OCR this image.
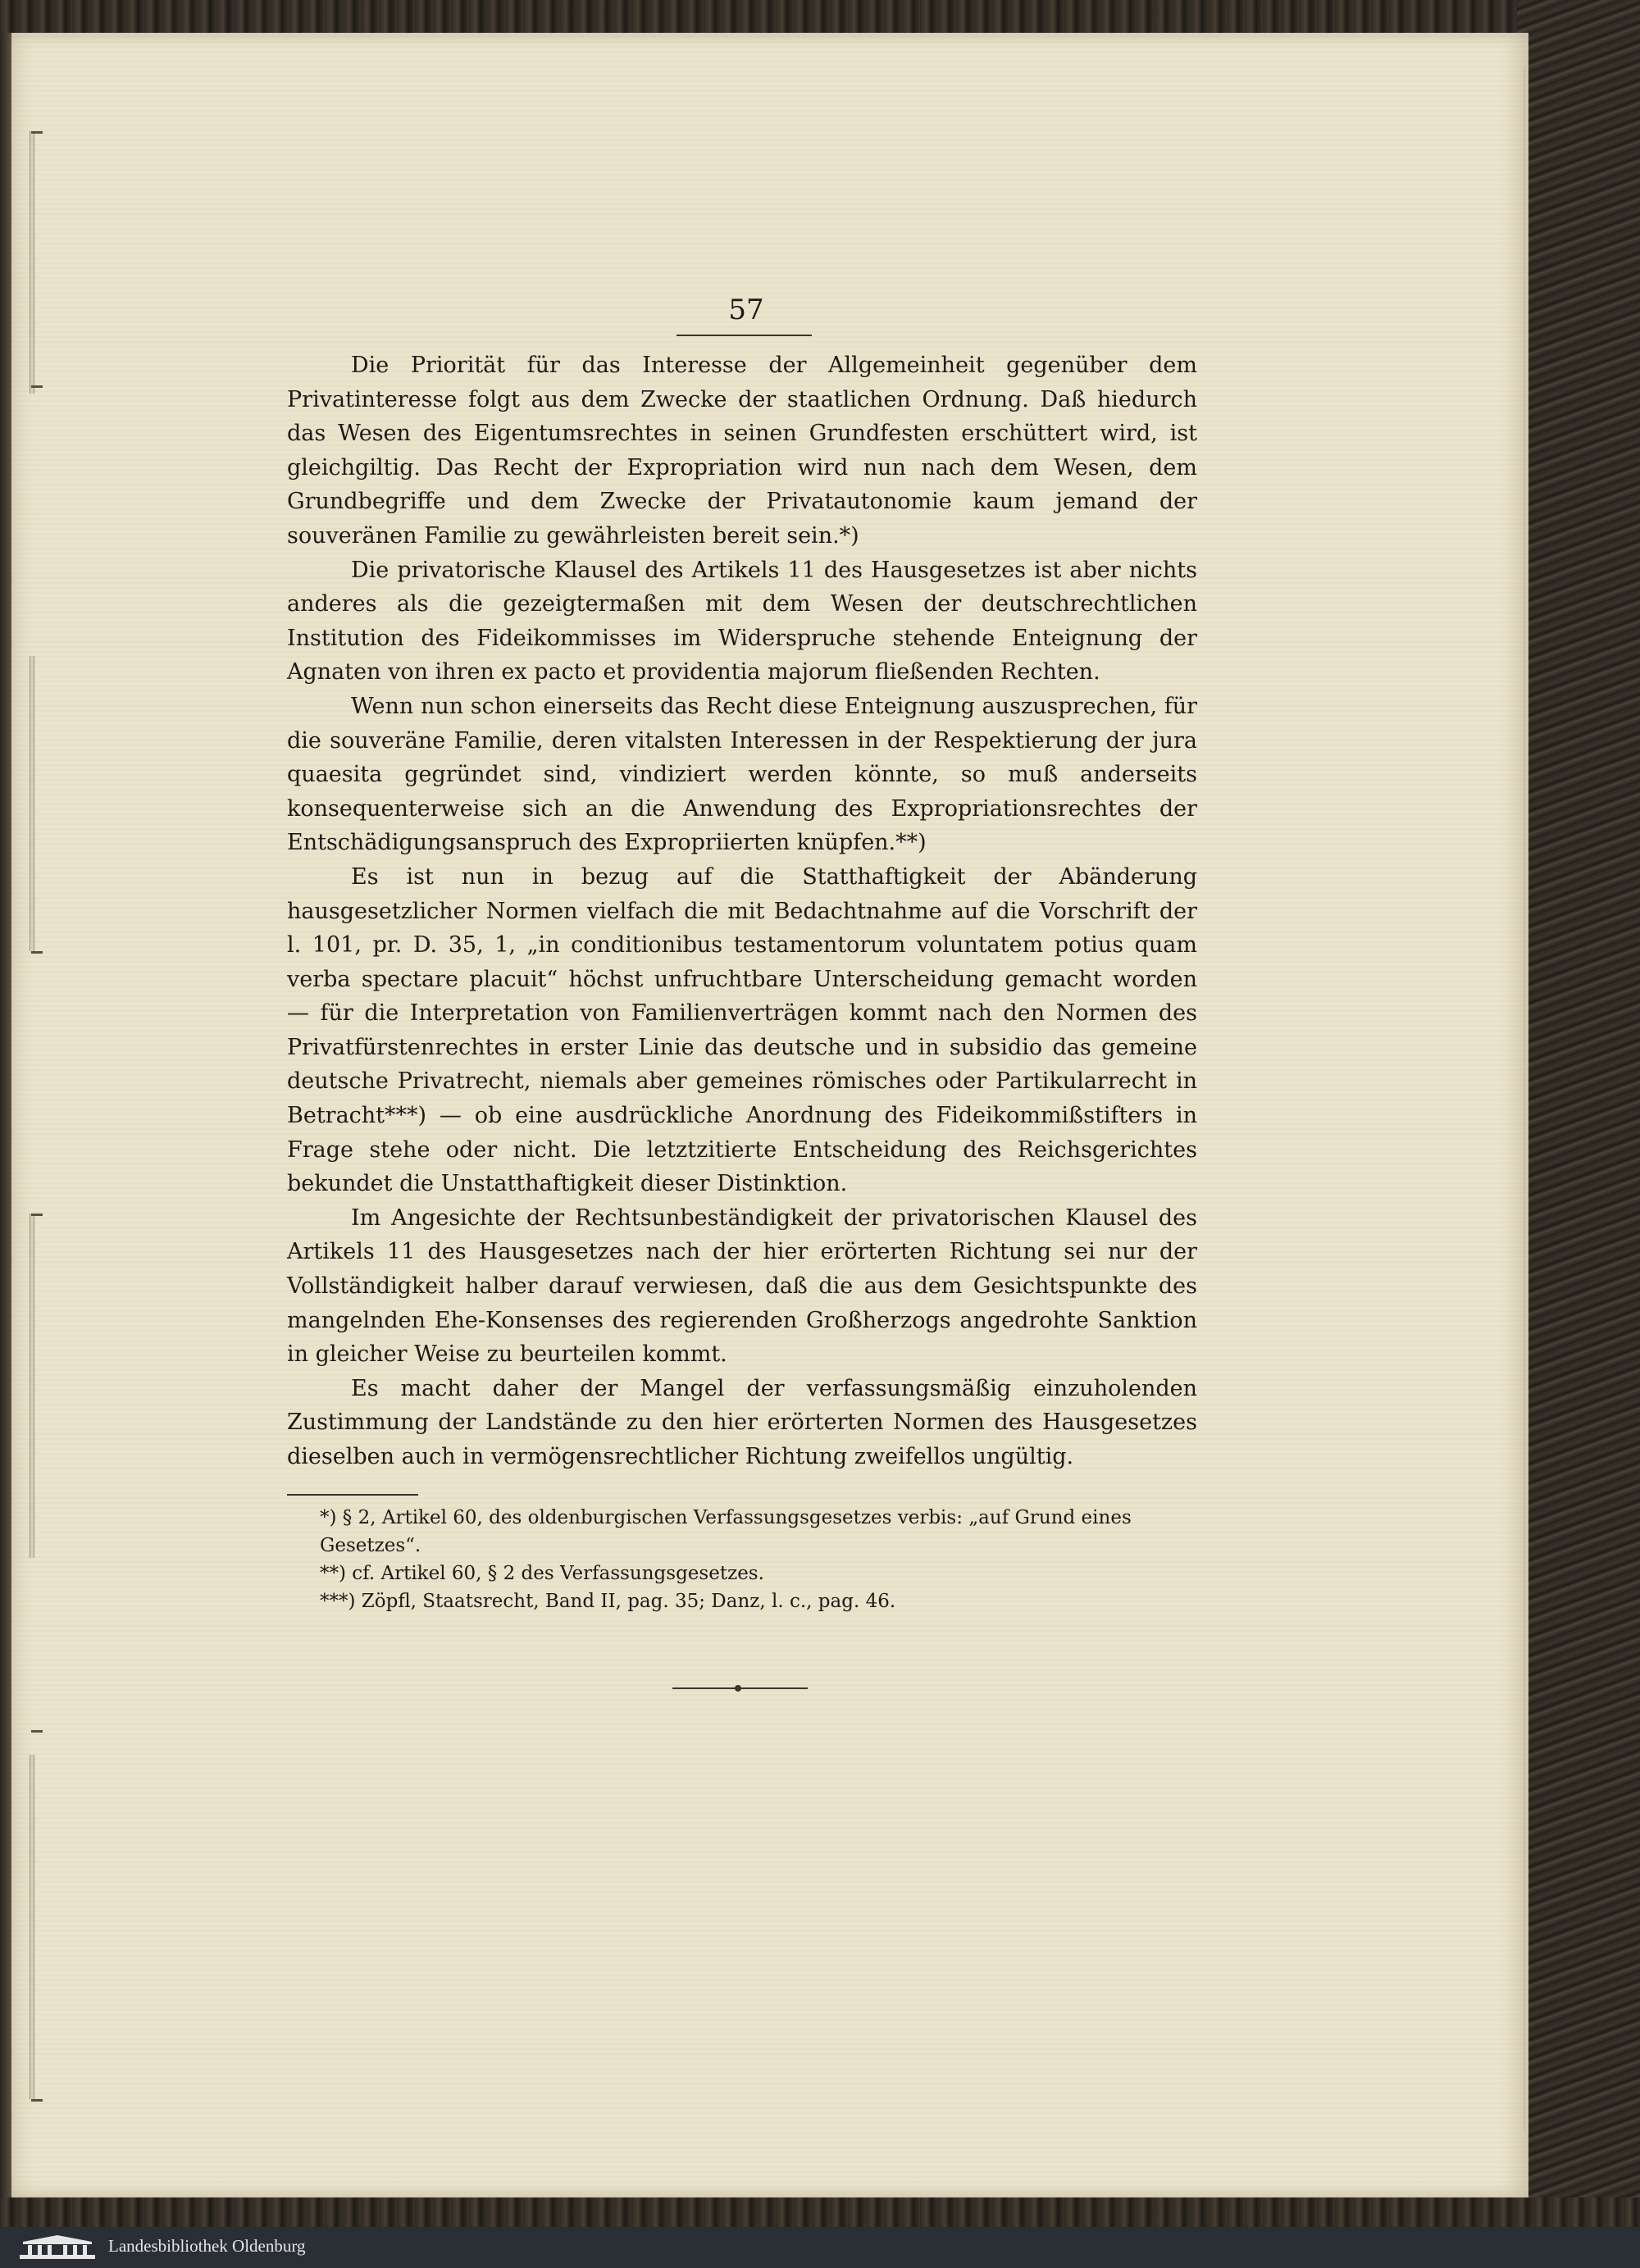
57

Die Priorität für das Interesse der Allgemeinheit gegenüber dem Privatinteresse folgt aus dem Zwecke der staatlichen Ordnung. Daß hiedurch das Wesen des Eigentumsrechtes in seinen Grundfesten erschüttert wird, ist gleichgiltig. Das Recht der Expropriation wird nun nach dem Wesen, dem Grundbegriffe und dem Zwecke der Privatautonomie kaum jemand der souveränen Familie zu gewährleisten bereit sein.*)

Die privatorische Klausel des Artikels 11 des Hausgesetzes ist aber nichts anderes als die gezeigtermaßen mit dem Wesen der deutschrechtlichen Institution des Fideikommisses im Widerspruche stehende Enteignung der Agnaten von ihren ex pacto et providentia majorum fließenden Rechten.

Wenn nun schon einerseits das Recht diese Enteignung auszusprechen, für die souveräne Familie, deren vitalsten Interessen in der Respektierung der jura quaesita gegründet sind, vindiziert werden könnte, so muß anderseits konsequenterweise sich an die Anwendung des Expropriationsrechtes der Entschädigungsanspruch des Expropriierten knüpfen.**)

Es ist nun in bezug auf die Statthaftigkeit der Abänderung hausgesetzlicher Normen vielfach die mit Bedachtnahme auf die Vorschrift der l. 101, pr. D. 35, 1, „in conditionibus testamentorum voluntatem potius quam verba spectare placuit“ höchst unfruchtbare Unterscheidung gemacht worden — für die Interpretation von Familienverträgen kommt nach den Normen des Privatfürstenrechtes in erster Linie das deutsche und in subsidio das gemeine deutsche Privatrecht, niemals aber gemeines römisches oder Partikularrecht in Betracht***) — ob eine ausdrückliche Anordnung des Fideikommißstifters in Frage stehe oder nicht. Die letztzitierte Entscheidung des Reichsgerichtes bekundet die Unstatthaftigkeit dieser Distinktion.

Im Angesichte der Rechtsunbeständigkeit der privatorischen Klausel des Artikels 11 des Hausgesetzes nach der hier erörterten Richtung sei nur der Vollständigkeit halber darauf verwiesen, daß die aus dem Gesichtspunkte des mangelnden Ehe-Konsenses des regierenden Großherzogs angedrohte Sanktion in gleicher Weise zu beurteilen kommt.

Es macht daher der Mangel der verfassungsmäßig einzuholenden Zustimmung der Landstände zu den hier erörterten Normen des Hausgesetzes dieselben auch in vermögensrechtlicher Richtung zweifellos ungültig.

*) § 2, Artikel 60, des oldenburgischen Verfassungsgesetzes verbis: „auf Grund eines Gesetzes“.

**) cf. Artikel 60, § 2 des Verfassungsgesetzes.

***) Zöpfl, Staatsrecht, Band II, pag. 35; Danz, l. c., pag. 46.

Landesbibliothek Oldenburg
